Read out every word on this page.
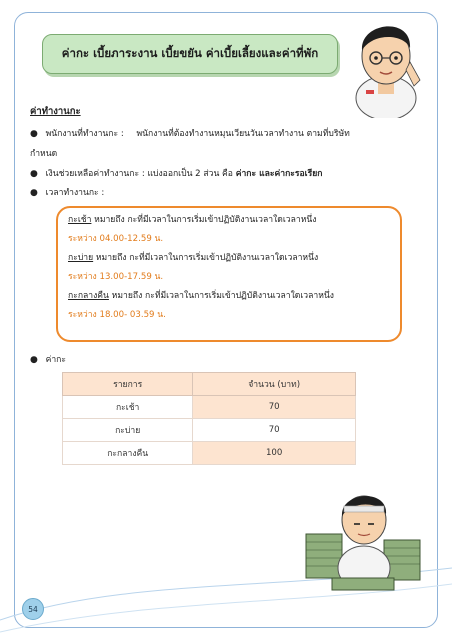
ค่ากะ เบี้ยภาระงาน เบี้ยขยัน ค่าเบี้ยเลี้ยงและค่าที่พัก
ค่าทำงานกะ
● พนักงานที่ทำงานกะ : พนักงานที่ต้องทำงานหมุนเวียนวันเวลาทำงาน ตามที่บริษัท
กำหนด
● เงินช่วยเหลือค่าทำงานกะ : แบ่งออกเป็น 2 ส่วน คือ ค่ากะ และค่ากะรอเรียก
● เวลาทำงานกะ :
กะเช้า หมายถึง กะที่มีเวลาในการเริ่มเข้าปฏิบัติงานเวลาใดเวลาหนึ่ง
ระหว่าง 04.00-12.59 น.
กะบ่าย หมายถึง กะที่มีเวลาในการเริ่มเข้าปฏิบัติงานเวลาใดเวลาหนึ่ง
ระหว่าง 13.00-17.59 น.
กะกลางคืน หมายถึง กะที่มีเวลาในการเริ่มเข้าปฏิบัติงานเวลาใดเวลาหนึ่ง
ระหว่าง 18.00- 03.59 น.
● ค่ากะ
รายการ	จำนวน (บาท)
กะเช้า	70
กะบ่าย	70
กะกลางคืน	100
54
